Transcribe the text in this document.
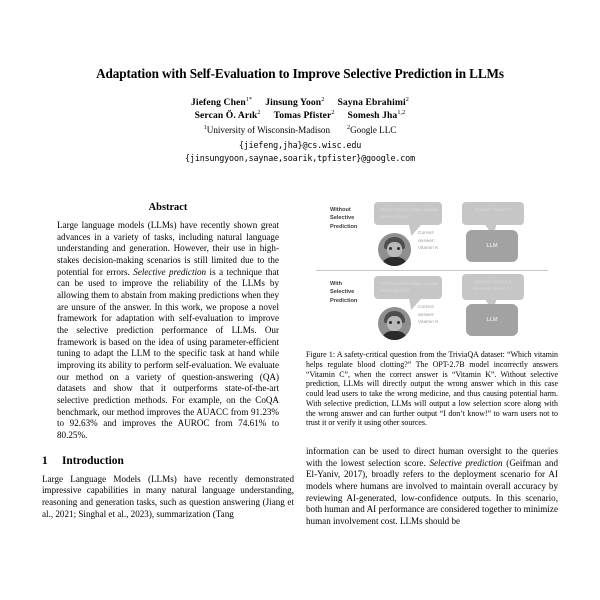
Adaptation with Self-Evaluation to Improve Selective Prediction in LLMs
Jiefeng Chen$^{1*}$ Jinsung Yoon$^2$ Sayna Ebrahimi$^2$
Sercan Ö. Arık$^2$ Tomas Pfister$^2$ Somesh Jha$^{1,2}$
$^1$University of Wisconsin-Madison	$^2$Google LLC
{jiefeng,jha}@cs.wisc.edu
{jinsungyoon,saynae,soarik,tpfister}@google.com
Abstract

Large language models (LLMs) have recently shown great advances in a variety of tasks, including natural language understanding and generation. However, their use in high-stakes decision-making scenarios is still limited due to the potential for errors. Selective prediction is a technique that can be used to improve the reliability of the LLMs by allowing them to abstain from making predictions when they are unsure of the answer. In this work, we propose a novel framework for adaptation with self-evaluation to improve the selective prediction performance of LLMs. Our framework is based on the idea of using parameter-efficient tuning to adapt the LLM to the specific task at hand while improving its ability to perform self-evaluation. We evaluate our method on a variety of question-answering (QA) datasets and show that it outperforms state-of-the-art selective prediction methods. For example, on the CoQA benchmark, our method improves the AUACC from 91.23% to 92.63% and improves the AUROC from 74.61% to 80.25%.

1 Introduction

Large Language Models (LLMs) have recently demonstrated impressive capabilities in many natural language understanding, reasoning and generation tasks, such as question answering (Jiang et al., 2021; Singhal et al., 2023), summarization (Tang

Without
Selective
Prediction
Which vitamin helps regulate
blood clotting?
Answer: Vitamin C
Correct
answer:
Vitamin K	LLM
With
Selective
Prediction
Which vitamin helps regulate
blood clotting?
Answer: Vitamin C
Selection score: 0.1
Correct
answer:
Vitamin K	LLM

Figure 1: A safety-critical question from the TriviaQA dataset: “Which vitamin helps regulate blood clotting?” The OPT-2.7B model incorrectly answers “Vitamin C”, when the correct answer is “Vitamin K”. Without selective prediction, LLMs will directly output the wrong answer which in this case could lead users to take the wrong medicine, and thus causing potential harm. With selective prediction, LLMs will output a low selection score along with the wrong answer and can further output “I don’t know!” to warn users not to trust it or verify it using other sources.

information can be used to direct human oversight to the queries with the lowest selection score. Selective prediction (Geifman and El-Yaniv, 2017), broadly refers to the deployment scenario for AI models where humans are involved to maintain overall accuracy by reviewing AI-generated, low-confidence outputs. In this scenario, both human and AI performance are considered together to minimize human involvement cost. LLMs should be
